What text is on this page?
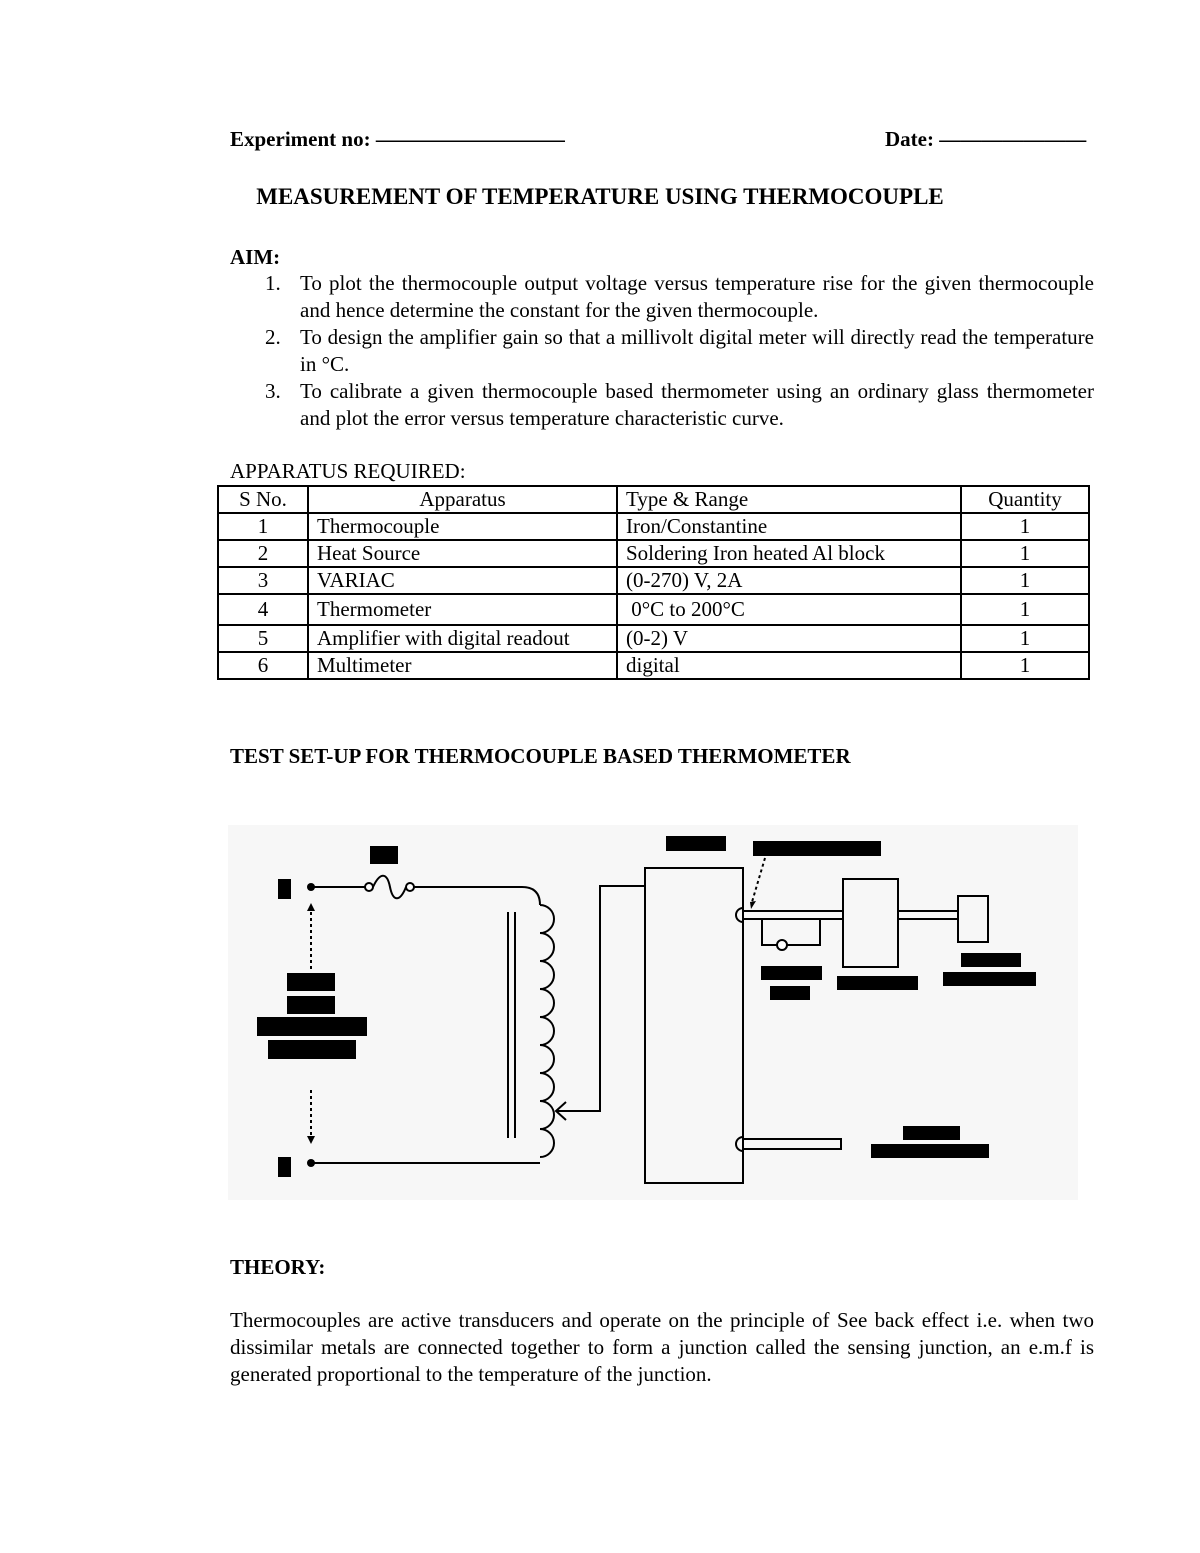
Experiment no: —————————	Date: ———————
MEASUREMENT OF TEMPERATURE USING THERMOCOUPLE
AIM:
1. To plot the thermocouple output voltage versus temperature rise for the given thermocouple and hence determine the constant for the given thermocouple.
2. To design the amplifier gain so that a millivolt digital meter will directly read the temperature in °C.
3. To calibrate a given thermocouple based thermometer using an ordinary glass thermometer and plot the error versus temperature characteristic curve.
APPARATUS REQUIRED:
S No.	Apparatus	Type & Range	Quantity
1	Thermocouple	Iron/Constantine	1
2	Heat Source	Soldering Iron heated Al block	1
3	VARIAC	(0-270) V, 2A	1
4	Thermometer	0°C to 200°C	1
5	Amplifier with digital readout	(0-2) V	1
6	Multimeter	digital	1
TEST SET-UP FOR THERMOCOUPLE BASED THERMOMETER
THEORY:
Thermocouples are active transducers and operate on the principle of See back effect i.e. when two dissimilar metals are connected together to form a junction called the sensing junction, an e.m.f is generated proportional to the temperature of the junction.
